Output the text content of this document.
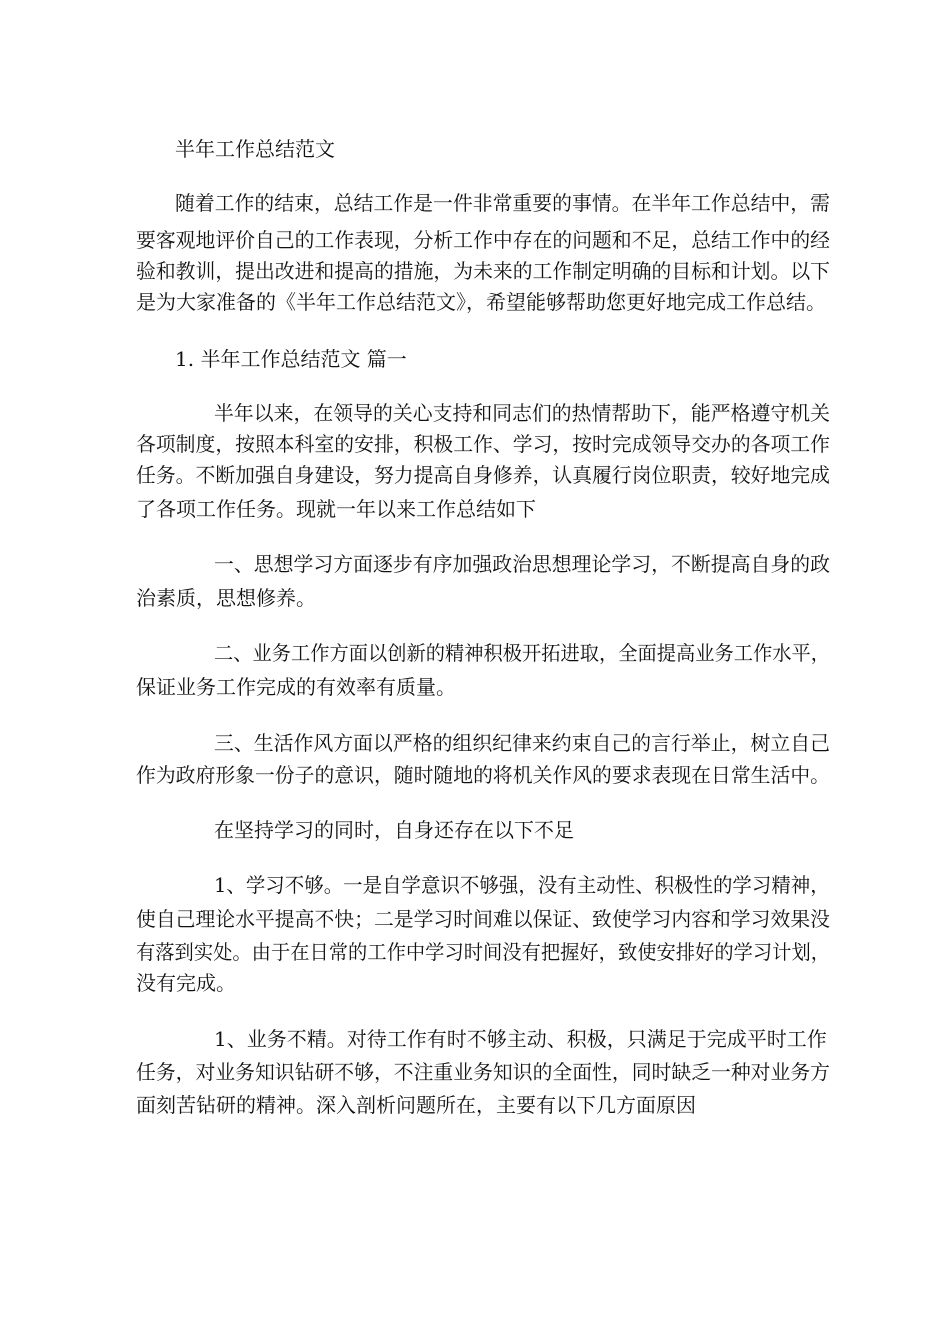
半年工作总结范文
随着工作的结束，总结工作是一件非常重要的事情。在半年工作总结中，需
要客观地评价自己的工作表现，分析工作中存在的问题和不足，总结工作中的经
验和教训，提出改进和提高的措施，为未来的工作制定明确的目标和计划。以下
是为大家准备的《半年工作总结范文》，希望能够帮助您更好地完成工作总结。
1. 半年工作总结范文 篇一
半年以来，在领导的关心支持和同志们的热情帮助下，能严格遵守机关
各项制度，按照本科室的安排，积极工作、学习，按时完成领导交办的各项工作
任务。不断加强自身建设，努力提高自身修养，认真履行岗位职责，较好地完成
了各项工作任务。现就一年以来工作总结如下
一、思想学习方面逐步有序加强政治思想理论学习，不断提高自身的政
治素质，思想修养。
二、业务工作方面以创新的精神积极开拓进取，全面提高业务工作水平，
保证业务工作完成的有效率有质量。
三、生活作风方面以严格的组织纪律来约束自己的言行举止，树立自己
作为政府形象一份子的意识，随时随地的将机关作风的要求表现在日常生活中。
在坚持学习的同时，自身还存在以下不足
1、学习不够。一是自学意识不够强，没有主动性、积极性的学习精神，
使自己理论水平提高不快；二是学习时间难以保证、致使学习内容和学习效果没
有落到实处。由于在日常的工作中学习时间没有把握好，致使安排好的学习计划，
没有完成。
1、业务不精。对待工作有时不够主动、积极，只满足于完成平时工作
任务，对业务知识钻研不够，不注重业务知识的全面性，同时缺乏一种对业务方
面刻苦钻研的精神。深入剖析问题所在，主要有以下几方面原因
